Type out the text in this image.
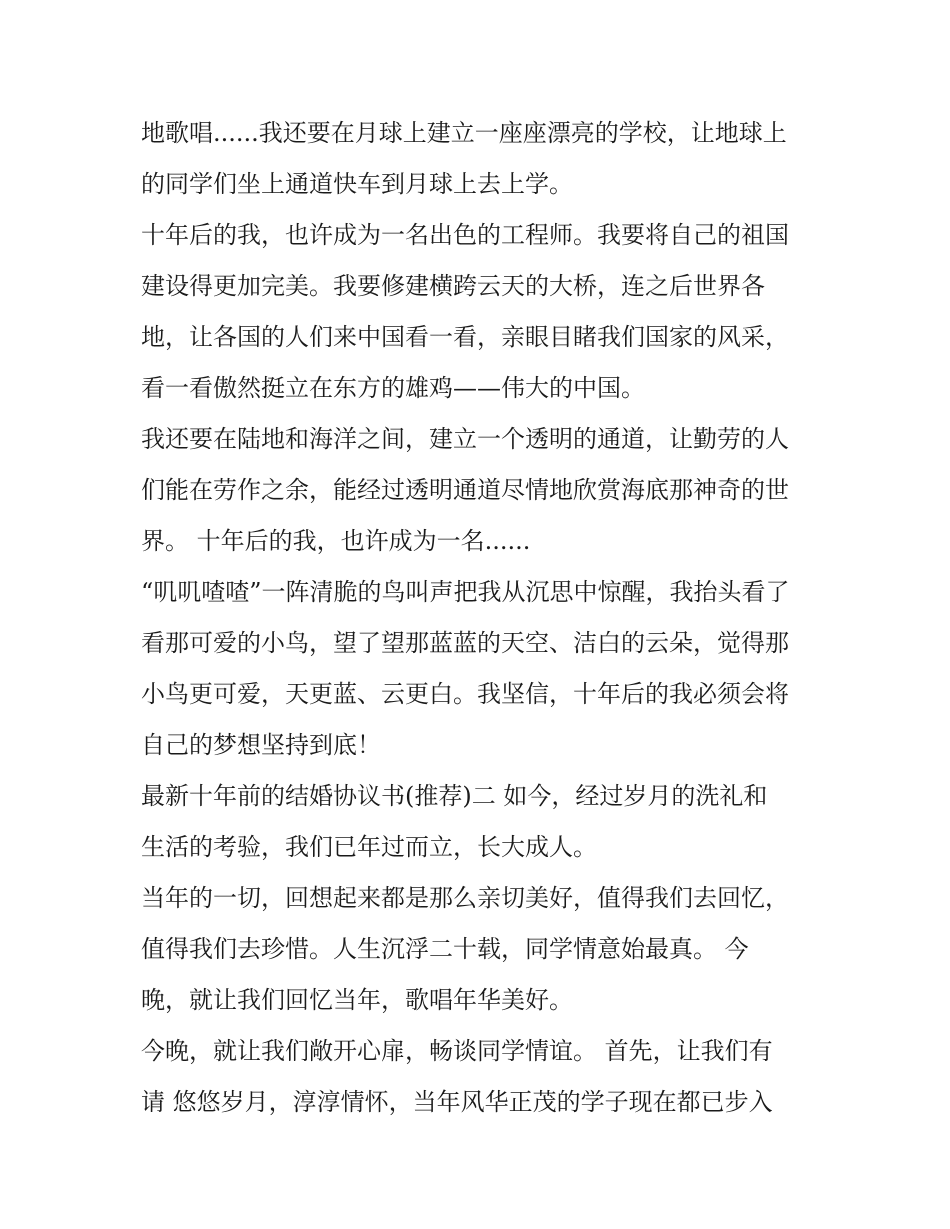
地歌唱......我还要在月球上建立一座座漂亮的学校，让地球上
的同学们坐上通道快车到月球上去上学。
十年后的我，也许成为一名出色的工程师。我要将自己的祖国
建设得更加完美。我要修建横跨云天的大桥，连之后世界各
地，让各国的人们来中国看一看，亲眼目睹我们国家的风采，
看一看傲然挺立在东方的雄鸡——伟大的中国。
我还要在陆地和海洋之间，建立一个透明的通道，让勤劳的人
们能在劳作之余，能经过透明通道尽情地欣赏海底那神奇的世
界。 十年后的我，也许成为一名......
“叽叽喳喳”一阵清脆的鸟叫声把我从沉思中惊醒，我抬头看了
看那可爱的小鸟，望了望那蓝蓝的天空、洁白的云朵，觉得那
小鸟更可爱，天更蓝、云更白。我坚信，十年后的我必须会将
自己的梦想坚持到底！
最新十年前的结婚协议书(推荐)二 如今，经过岁月的洗礼和
生活的考验，我们已年过而立，长大成人。
当年的一切，回想起来都是那么亲切美好，值得我们去回忆，
值得我们去珍惜。人生沉浮二十载，同学情意始最真。 今
晚，就让我们回忆当年，歌唱年华美好。
今晚，就让我们敞开心扉，畅谈同学情谊。 首先，让我们有
请 悠悠岁月，淳淳情怀，当年风华正茂的学子现在都已步入
